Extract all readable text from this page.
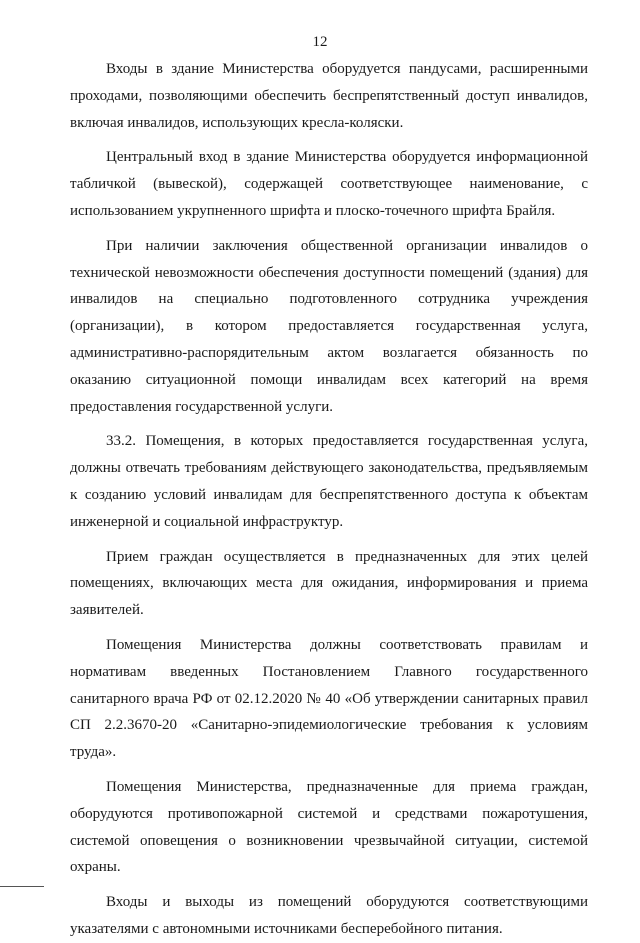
12

Входы в здание Министерства оборудуется пандусами, расширенными проходами, позволяющими обеспечить беспрепятственный доступ инвалидов, включая инвалидов, использующих кресла-коляски.

Центральный вход в здание Министерства оборудуется информационной табличкой (вывеской), содержащей соответствующее наименование, с использованием укрупненного шрифта и плоско-точечного шрифта Брайля.

При наличии заключения общественной организации инвалидов о технической невозможности обеспечения доступности помещений (здания) для инвалидов на специально подготовленного сотрудника учреждения (организации), в котором предоставляется государственная услуга, административно-распорядительным актом возлагается обязанность по оказанию ситуационной помощи инвалидам всех категорий на время предоставления государственной услуги.

33.2. Помещения, в которых предоставляется государственная услуга, должны отвечать требованиям действующего законодательства, предъявляемым к созданию условий инвалидам для беспрепятственного доступа к объектам инженерной и социальной инфраструктур.

Прием граждан осуществляется в предназначенных для этих целей помещениях, включающих места для ожидания, информирования и приема заявителей.

Помещения Министерства должны соответствовать правилам и нормативам введенных Постановлением Главного государственного санитарного врача РФ от 02.12.2020 № 40 «Об утверждении санитарных правил СП 2.2.3670-20 «Санитарно-эпидемиологические требования к условиям труда».

Помещения Министерства, предназначенные для приема граждан, оборудуются противопожарной системой и средствами пожаротушения, системой оповещения о возникновении чрезвычайной ситуации, системой охраны.

Входы и выходы из помещений оборудуются соответствующими указателями с автономными источниками бесперебойного питания.
